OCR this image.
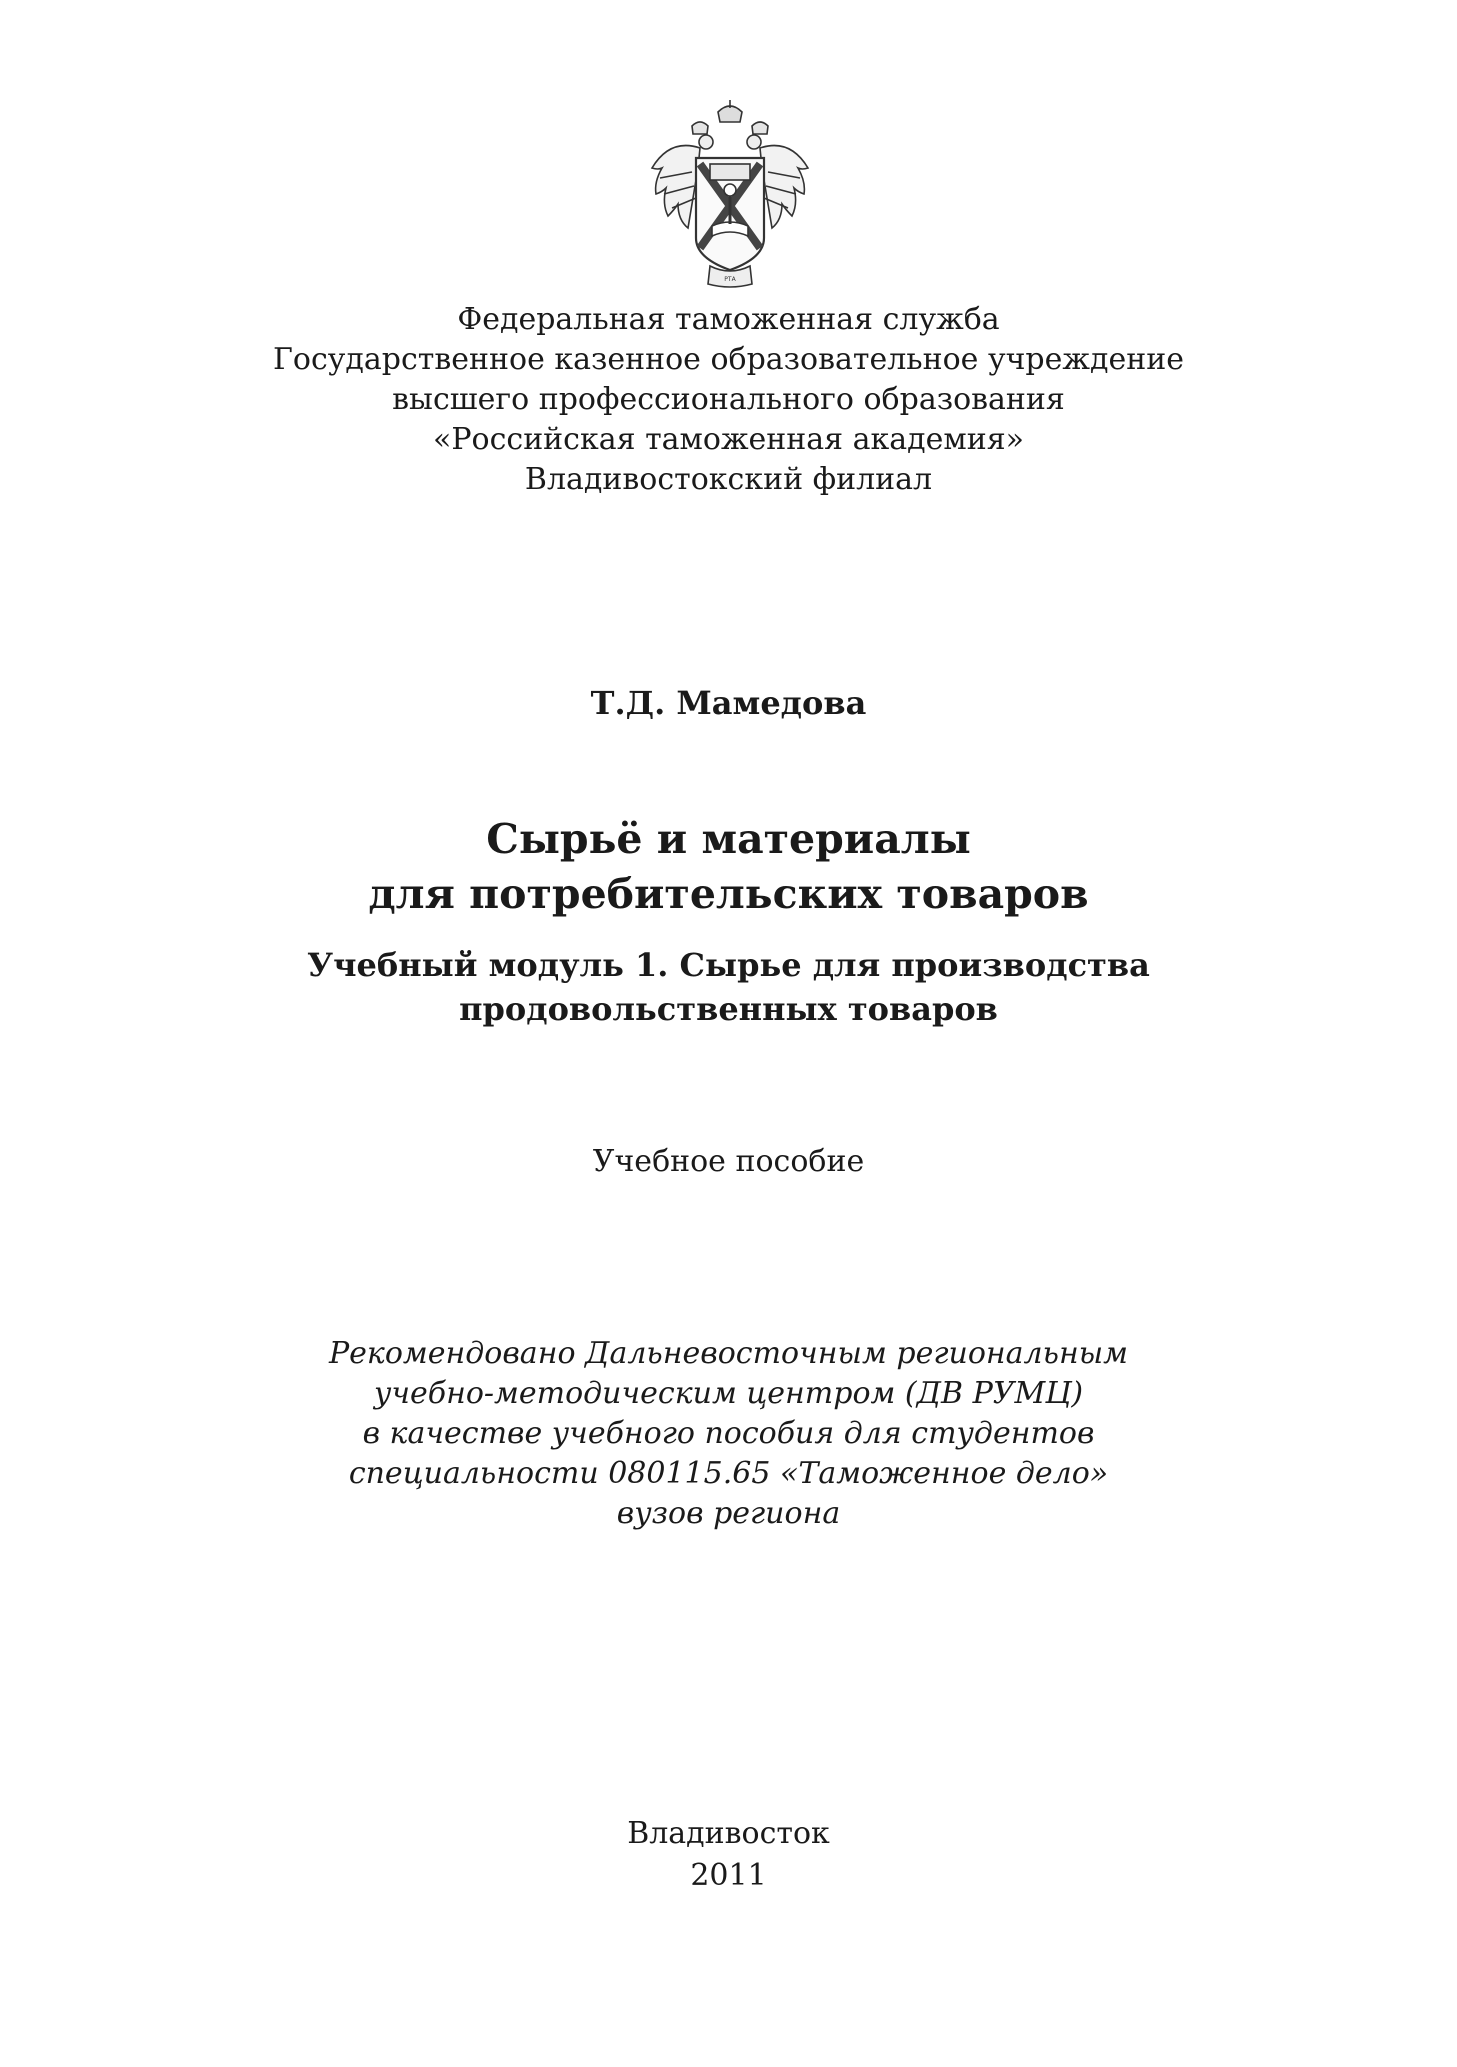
РТА
Федеральная таможенная служба
Государственное казенное образовательное учреждение
высшего профессионального образования
«Российская таможенная академия»
Владивостокский филиал
Т.Д. Мамедова
Сырьё и материалы
для потребительских товаров
Учебный модуль 1. Сырье для производства
продовольственных товаров
Учебное пособие
Рекомендовано Дальневосточным региональным
учебно-методическим центром (ДВ РУМЦ)
в качестве учебного пособия для студентов
специальности 080115.65 «Таможенное дело»
вузов региона
Владивосток
2011
